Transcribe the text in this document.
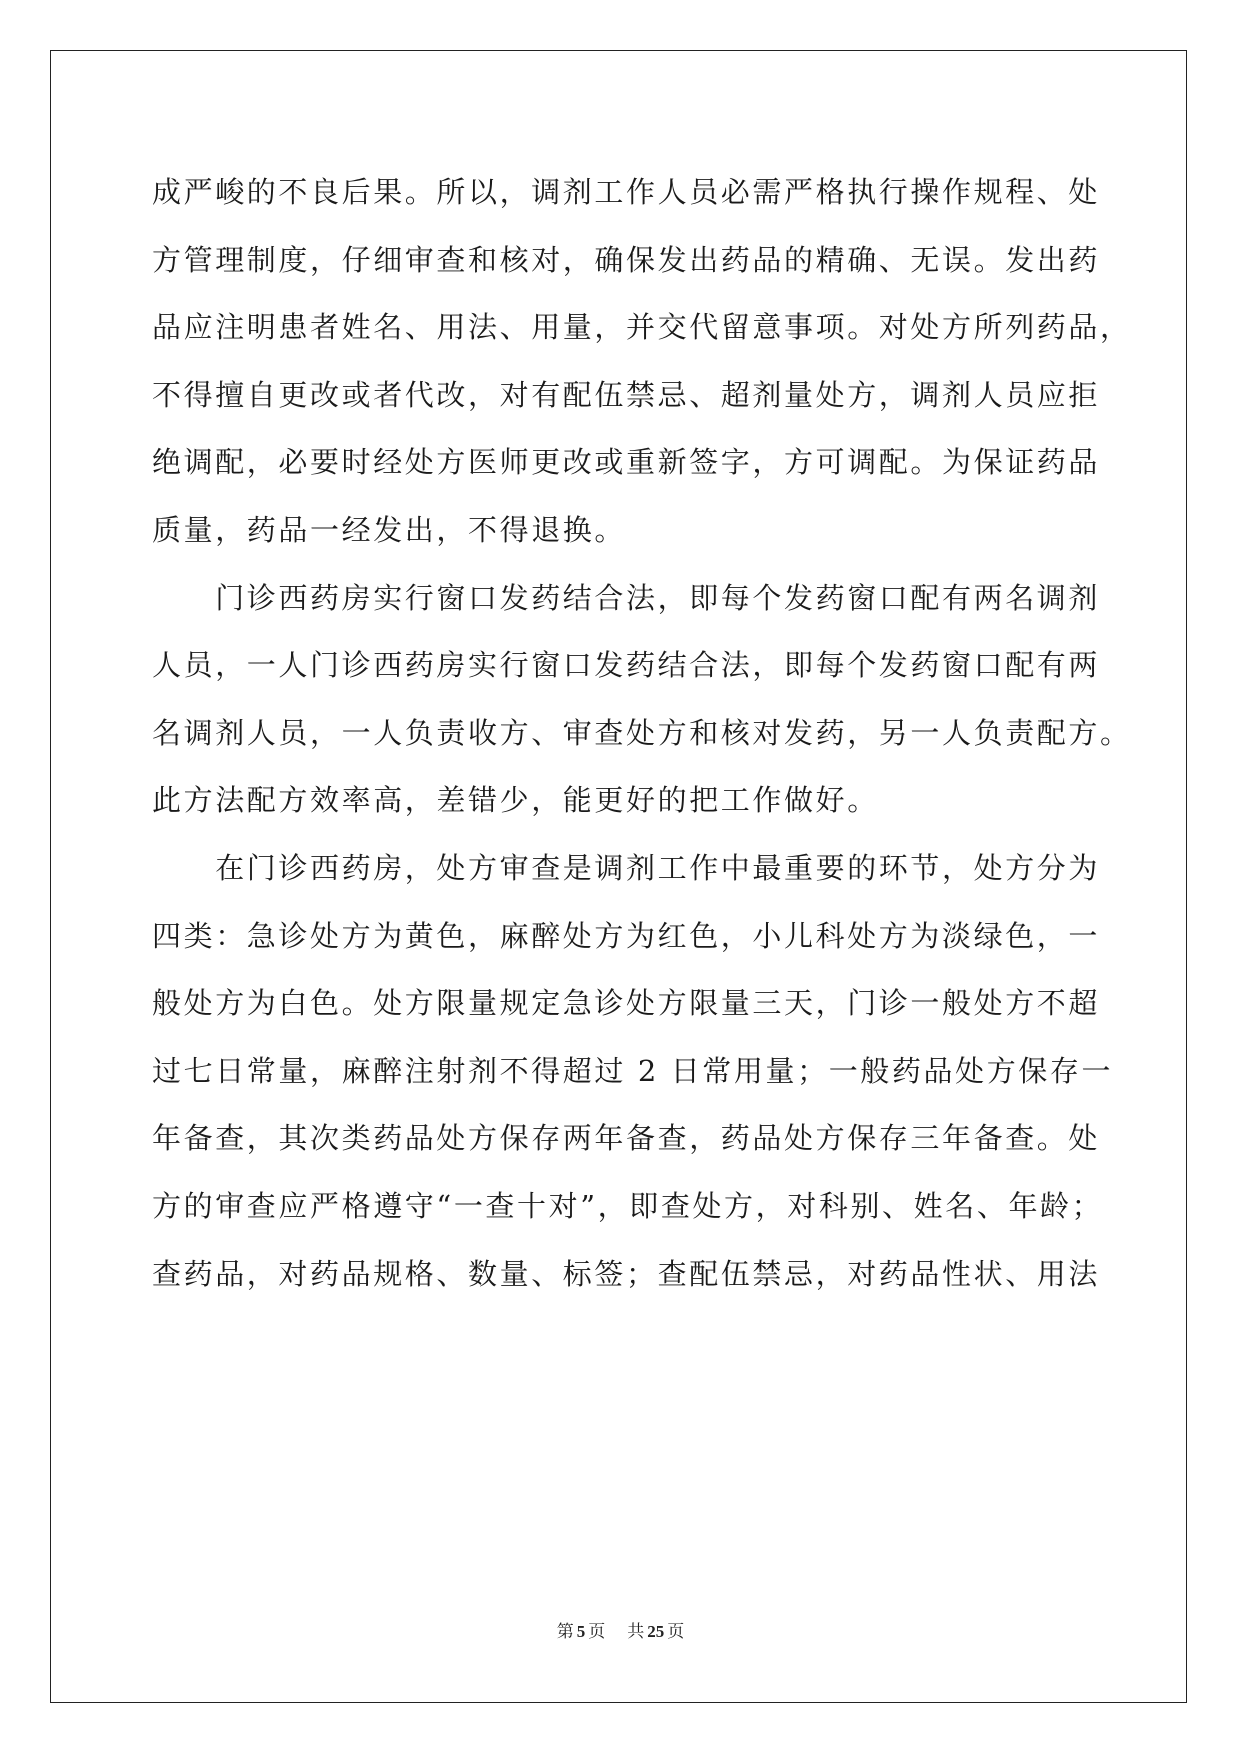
成严峻的不良后果。所以，调剂工作人员必需严格执行操作规程、处
方管理制度，仔细审查和核对，确保发出药品的精确、无误。发出药
品应注明患者姓名、用法、用量，并交代留意事项。对处方所列药品，
不得擅自更改或者代改，对有配伍禁忌、超剂量处方，调剂人员应拒
绝调配，必要时经处方医师更改或重新签字，方可调配。为保证药品
质量，药品一经发出，不得退换。
　　门诊西药房实行窗口发药结合法，即每个发药窗口配有两名调剂
人员，一人门诊西药房实行窗口发药结合法，即每个发药窗口配有两
名调剂人员，一人负责收方、审查处方和核对发药，另一人负责配方。
此方法配方效率高，差错少，能更好的把工作做好。
　　在门诊西药房，处方审查是调剂工作中最重要的环节，处方分为
四类：急诊处方为黄色，麻醉处方为红色，小儿科处方为淡绿色，一
般处方为白色。处方限量规定急诊处方限量三天，门诊一般处方不超
过七日常量，麻醉注射剂不得超过 2 日常用量；一般药品处方保存一
年备查，其次类药品处方保存两年备查，药品处方保存三年备查。处
方的审查应严格遵守“一查十对”，即查处方，对科别、姓名、年龄；
查药品，对药品规格、数量、标签；查配伍禁忌，对药品性状、用法
第 5 页 共 25 页
